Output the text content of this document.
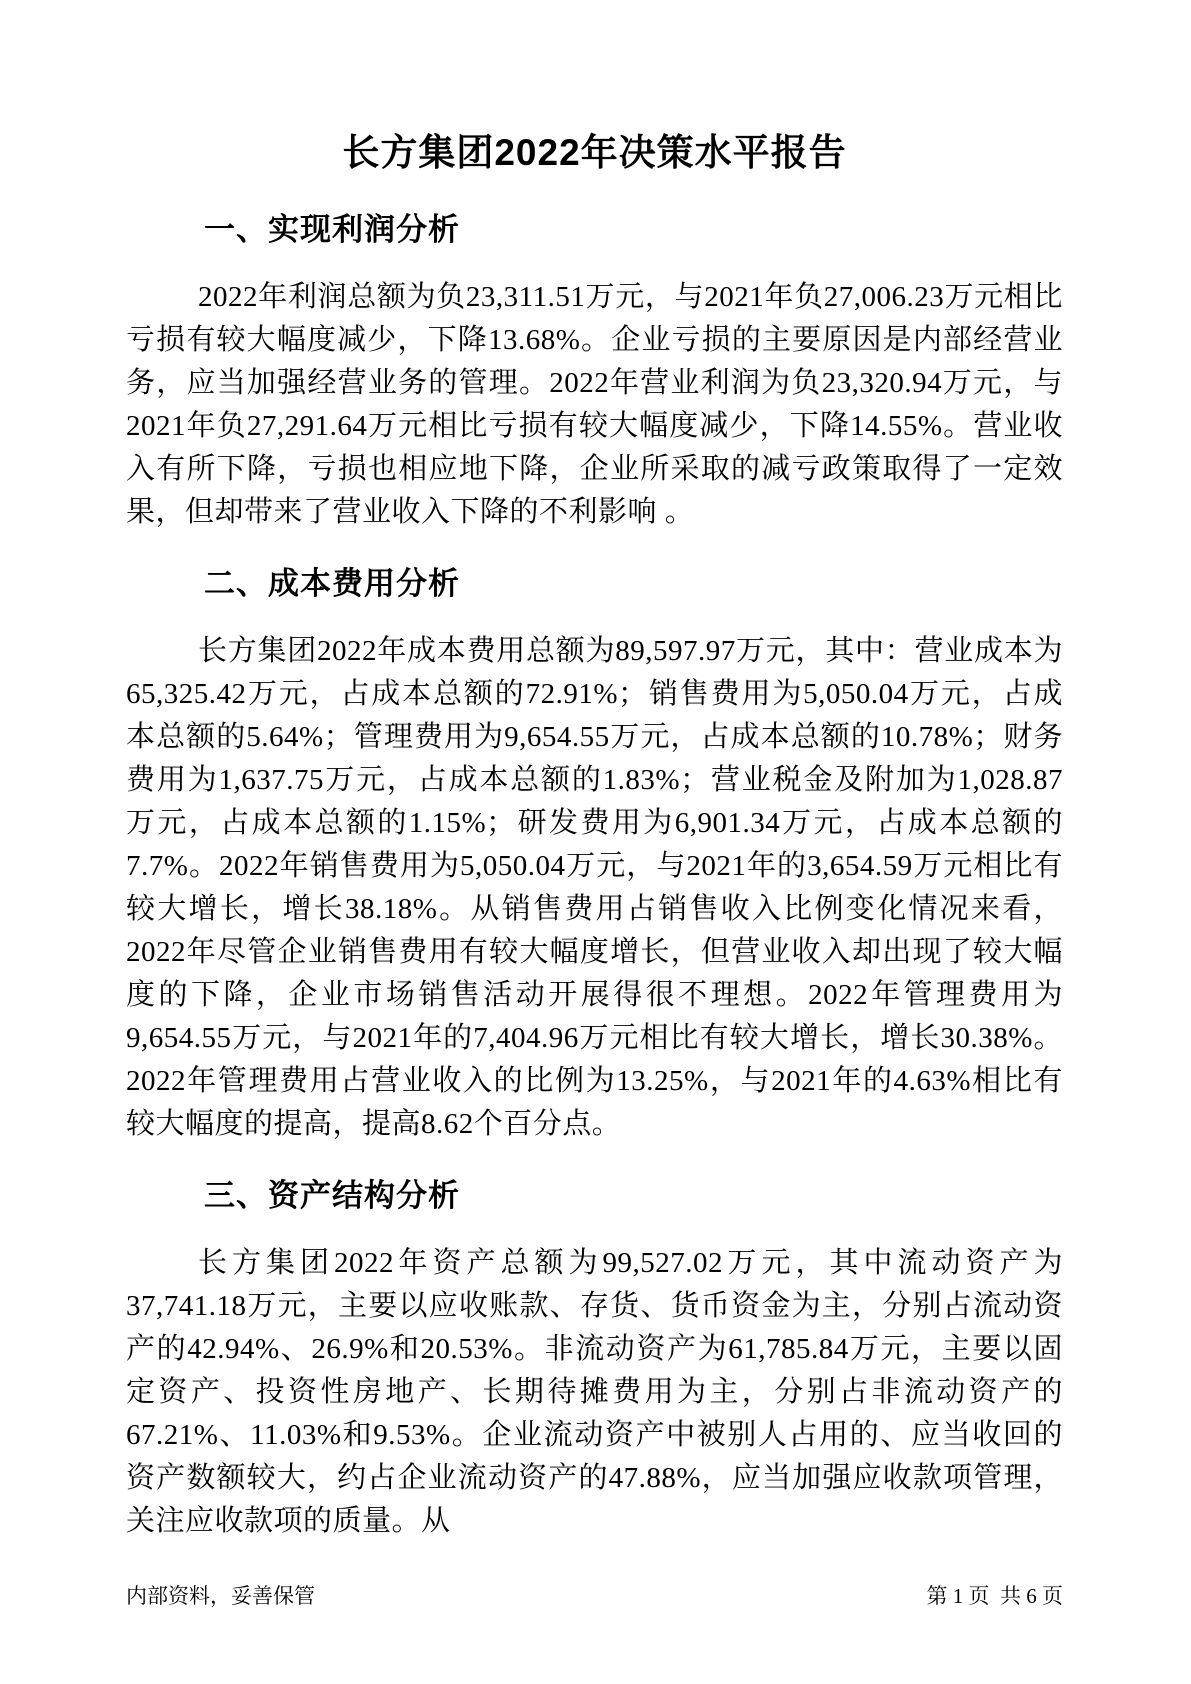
长方集团2022年决策水平报告
一、实现利润分析

2022年利润总额为负23,311.51万元，与2021年负27,006.23万元相比亏损有较大幅度减少，下降13.68%。企业亏损的主要原因是内部经营业务，应当加强经营业务的管理。2022年营业利润为负23,320.94万元，与2021年负27,291.64万元相比亏损有较大幅度减少，下降14.55%。营业收入有所下降，亏损也相应地下降，企业所采取的减亏政策取得了一定效果，但却带来了营业收入下降的不利影响 。

二、成本费用分析

长方集团2022年成本费用总额为89,597.97万元，其中：营业成本为65,325.42万元，占成本总额的72.91%；销售费用为5,050.04万元，占成本总额的5.64%；管理费用为9,654.55万元，占成本总额的10.78%；财务费用为1,637.75万元，占成本总额的1.83%；营业税金及附加为1,028.87万元，占成本总额的1.15%；研发费用为6,901.34万元，占成本总额的7.7%。2022年销售费用为5,050.04万元，与2021年的3,654.59万元相比有较大增长，增长38.18%。从销售费用占销售收入比例变化情况来看，2022年尽管企业销售费用有较大幅度增长，但营业收入却出现了较大幅度的下降，企业市场销售活动开展得很不理想。2022年管理费用为9,654.55万元，与2021年的7,404.96万元相比有较大增长，增长30.38%。2022年管理费用占营业收入的比例为13.25%，与2021年的4.63%相比有较大幅度的提高，提高8.62个百分点。

三、资产结构分析

长方集团2022年资产总额为99,527.02万元，其中流动资产为37,741.18万元，主要以应收账款、存货、货币资金为主，分别占流动资产的42.94%、26.9%和20.53%。非流动资产为61,785.84万元，主要以固定资产、投资性房地产、长期待摊费用为主，分别占非流动资产的67.21%、11.03%和9.53%。企业流动资产中被别人占用的、应当收回的资产数额较大，约占企业流动资产的47.88%，应当加强应收款项管理，关注应收款项的质量。从

内部资料，妥善保管	第 1 页  共 6 页
